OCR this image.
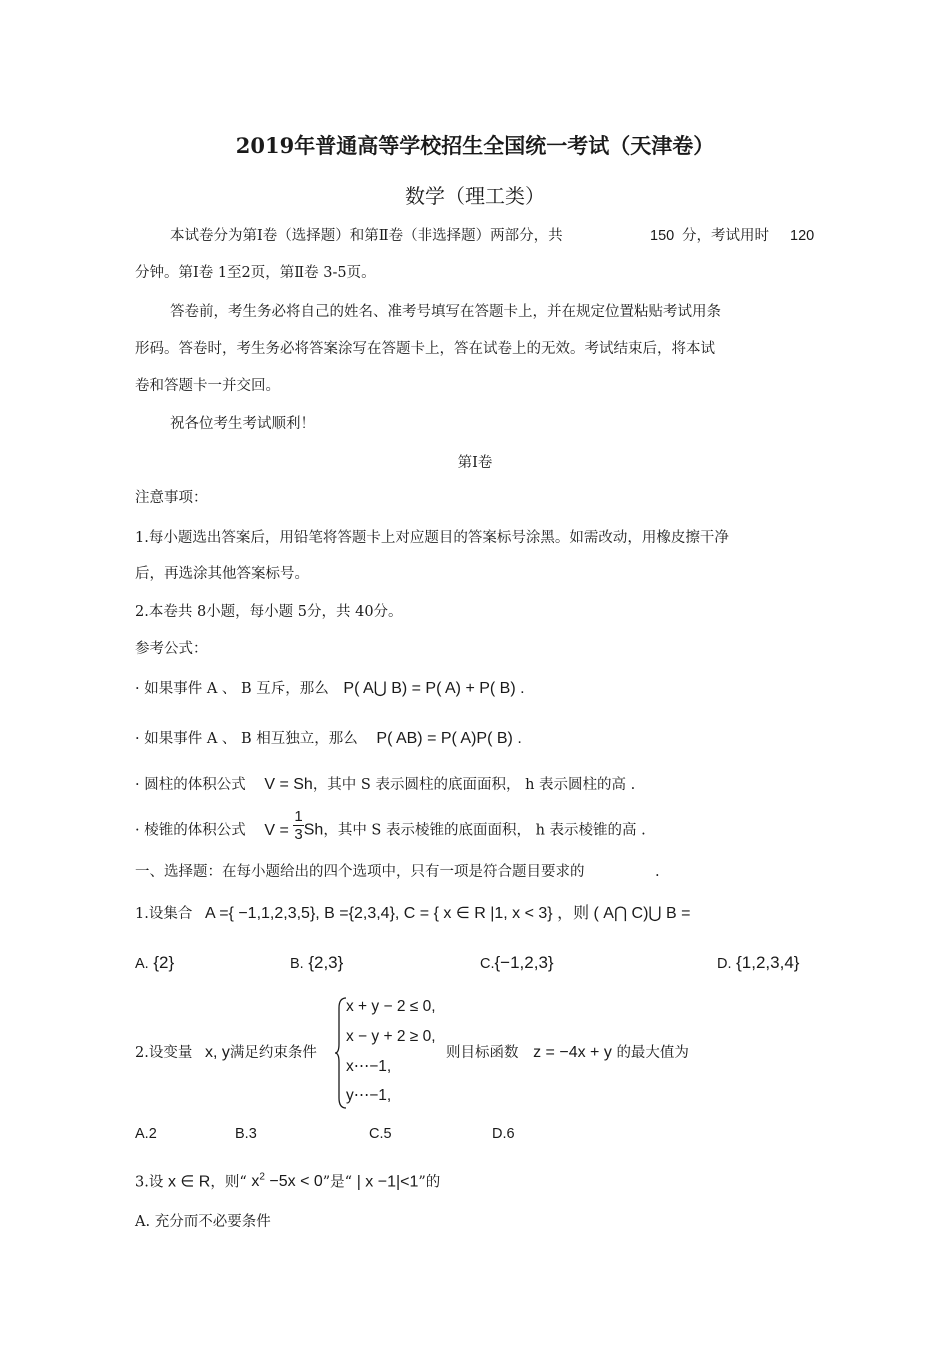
2019年普通高等学校招生全国统一考试（天津卷）
数学（理工类）
本试卷分为第Ⅰ卷（选择题）和第Ⅱ卷（非选择题）两部分，共	150 分，考试用时 120
分钟。第Ⅰ卷 1至2页，第Ⅱ卷 3-5页。
答卷前，考生务必将自己的姓名、准考号填写在答题卡上，并在规定位置粘贴考试用条
形码。答卷时，考生务必将答案涂写在答题卡上，答在试卷上的无效。考试结束后，将本试
卷和答题卡一并交回。
祝各位考生考试顺利！
第Ⅰ卷
注意事项：
1.每小题选出答案后，用铅笔将答题卡上对应题目的答案标号涂黑。如需改动，用橡皮擦干净
后，再选涂其他答案标号。
2.本卷共 8小题，每小题 5分，共 40分。
参考公式：
· 如果事件 A 、 B 互斥，那么 P( A⋃ B) = P( A) + P( B) .
· 如果事件 A 、 B 相互独立，那么 P( AB) = P( A)P( B) .
· 圆柱的体积公式 V = Sh，其中 S 表示圆柱的底面面积， h 表示圆柱的高 .
· 棱锥的体积公式 $V = \frac{1}{3}$ Sh，其中 S 表示棱锥的底面面积， h 表示棱锥的高 .
一、选择题：在每小题给出的四个选项中，只有一项是符合题目要求的	.
1.设集合 A ={ −1,1,2,3,5}, B ={2,3,4}, C = { x ∈ R |1, x < 3} ，则 ( A⋂ C)⋃ B =
A. {2}	B. {2,3}	C.{−1,2,3}	D. {1,2,3,4}
2.设变量 x, y满足约束条件
x + y − 2 ≤ 0,
x − y + 2 ≥ 0,
x⋯−1,
y⋯−1,
则目标函数 z = −4x + y 的最大值为
A.2	B.3	C.5	D.6
3.设 x ∈ R，则“ $x^2 -5x < 0$”是“ | x −1|<1”的
A. 充分而不必要条件
